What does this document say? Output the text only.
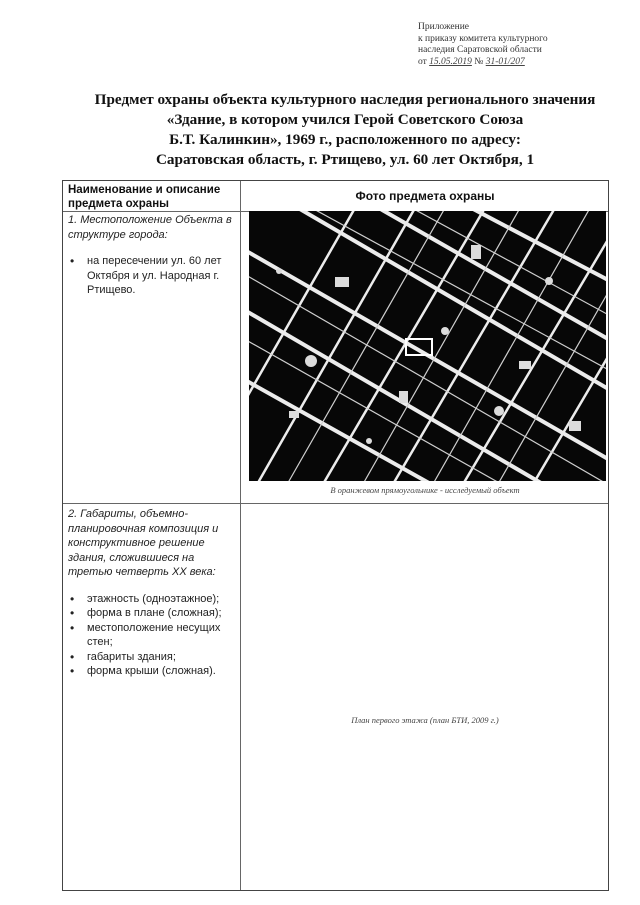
Приложение
к приказу комитета культурного
наследия Саратовской области
от 15.05.2019 № 31-01/207
Предмет охраны объекта культурного наследия регионального значения
«Здание, в котором учился Герой Советского Союза
Б.Т. Калинкин», 1969 г., расположенного по адресу:
Саратовская область, г. Ртищево, ул. 60 лет Октября, 1
Наименование и описание предмета охраны
Фото предмета охраны
1. Местоположение Объекта в структуре города:
• на пересечении ул. 60 лет Октября и ул. Народная г. Ртищево.
В оранжевом прямоугольнике - исследуемый объект
2. Габариты, объемно-планировочная композиция и конструктивное решение здания, сложившиеся на третью четверть XX века:
• этажность (одноэтажное);
• форма в плане (сложная);
• местоположение несущих стен;
• габариты здания;
• форма крыши (сложная).
План первого этажа (план БТИ, 2009 г.)
